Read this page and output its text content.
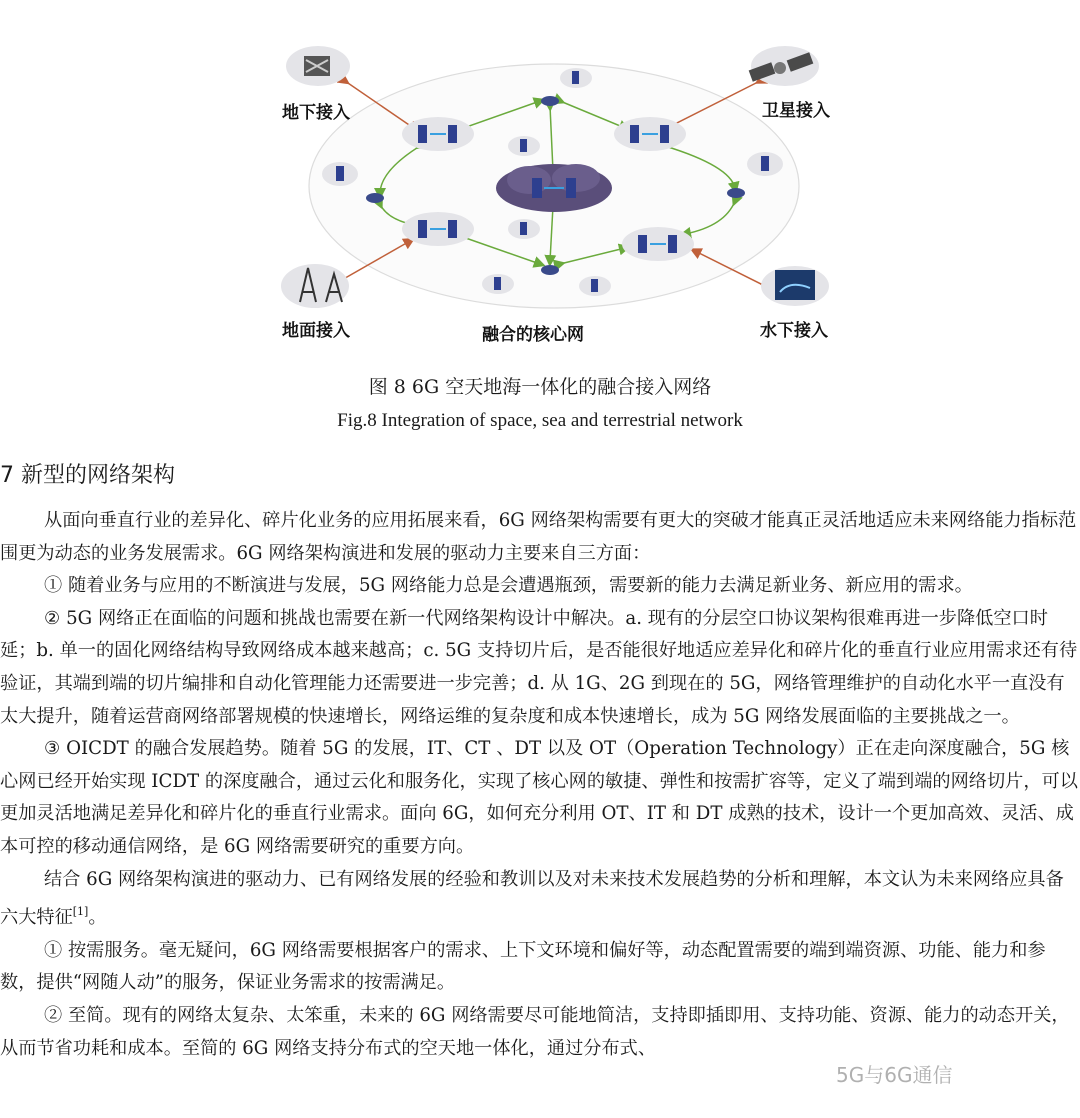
地下接入	卫星接入
地面接入	融合的核心网	水下接入
图 8 6G 空天地海一体化的融合接入网络
Fig.8 Integration of space, sea and terrestrial network
7 新型的网络架构

从面向垂直行业的差异化、碎片化业务的应用拓展来看，6G 网络架构需要有更大的突破才能真正灵活地适应未来网络能力指标范围更为动态的业务发展需求。6G 网络架构演进和发展的驱动力主要来自三方面：

① 随着业务与应用的不断演进与发展，5G 网络能力总是会遭遇瓶颈，需要新的能力去满足新业务、新应用的需求。

② 5G 网络正在面临的问题和挑战也需要在新一代网络架构设计中解决。a. 现有的分层空口协议架构很难再进一步降低空口时延；b. 单一的固化网络结构导致网络成本越来越高；c. 5G 支持切片后，是否能很好地适应差异化和碎片化的垂直行业应用需求还有待验证，其端到端的切片编排和自动化管理能力还需要进一步完善；d. 从 1G、2G 到现在的 5G，网络管理维护的自动化水平一直没有太大提升，随着运营商网络部署规模的快速增长，网络运维的复杂度和成本快速增长，成为 5G 网络发展面临的主要挑战之一。

③ OICDT 的融合发展趋势。随着 5G 的发展，IT、CT 、DT 以及 OT（Operation Technology）正在走向深度融合，5G 核心网已经开始实现 ICDT 的深度融合，通过云化和服务化，实现了核心网的敏捷、弹性和按需扩容等，定义了端到端的网络切片，可以更加灵活地满足差异化和碎片化的垂直行业需求。面向 6G，如何充分利用 OT、IT 和 DT 成熟的技术，设计一个更加高效、灵活、成本可控的移动通信网络，是 6G 网络需要研究的重要方向。

结合 6G 网络架构演进的驱动力、已有网络发展的经验和教训以及对未来技术发展趋势的分析和理解，本文认为未来网络应具备六大特征[1]。

① 按需服务。毫无疑问，6G 网络需要根据客户的需求、上下文环境和偏好等，动态配置需要的端到端资源、功能、能力和参数，提供“网随人动”的服务，保证业务需求的按需满足。

② 至简。现有的网络太复杂、太笨重，未来的 6G 网络需要尽可能地简洁，支持即插即用、支持功能、资源、能力的动态开关，从而节省功耗和成本。至简的 6G 网络支持分布式的空天地一体化，通过分布式、

5G与6G通信
